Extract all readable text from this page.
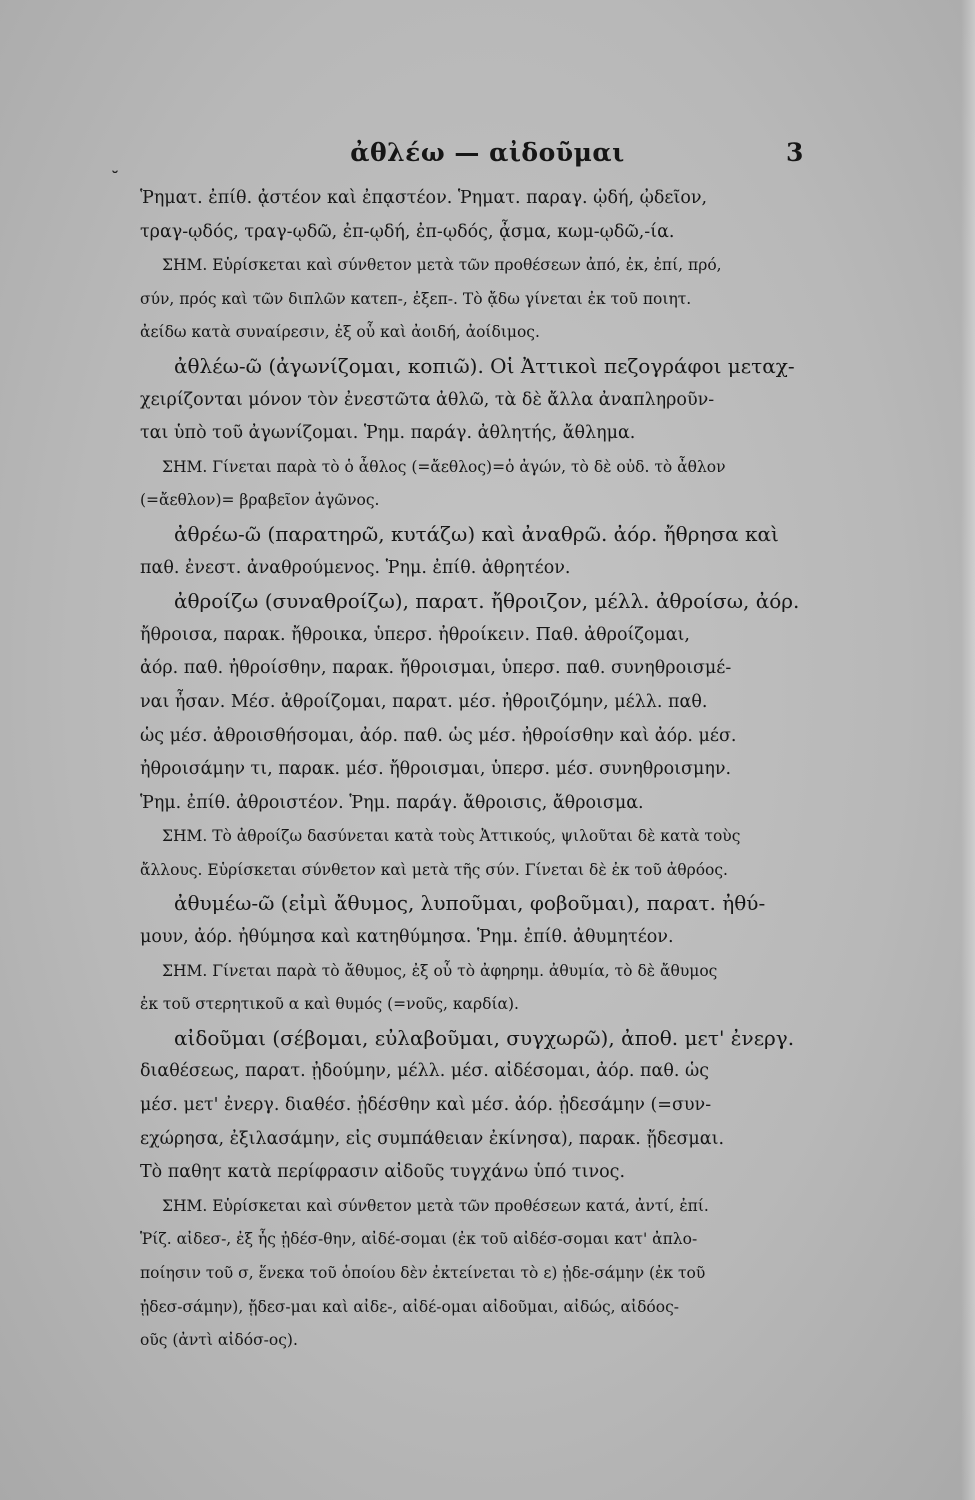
ἀθλέω — αἰδοῦμαι	3
˘
Ῥηματ. ἐπίθ. ᾀστέον καὶ ἐπᾳστέον. Ῥηματ. παραγ. ᾠδή, ᾠδεῖον,
τραγ-ῳδός, τραγ-ῳδῶ, ἐπ-ῳδή, ἐπ-ῳδός, ᾆσμα, κωμ-ῳδῶ,-ία.
ΣΗΜ. Εὑρίσκεται καὶ σύνθετον μετὰ τῶν προθέσεων ἀπό, ἐκ, ἐπί, πρό,
σύν, πρός καὶ τῶν διπλῶν κατεπ-, ἐξεπ-. Τὸ ᾄδω γίνεται ἐκ τοῦ ποιητ.
ἀείδω κατὰ συναίρεσιν, ἐξ οὗ καὶ ἀοιδή, ἀοίδιμος.
ἀθλέω-ῶ (ἀγωνίζομαι, κοπιῶ). Οἱ Ἀττικοὶ πεζογράφοι μεταχ-
χειρίζονται μόνον τὸν ἐνεστῶτα ἀθλῶ, τὰ δὲ ἄλλα ἀναπληροῦν-
ται ὑπὸ τοῦ ἀγωνίζομαι. Ῥημ. παράγ. ἀθλητής, ἄθλημα.
ΣΗΜ. Γίνεται παρὰ τὸ ὁ ἆθλος (=ἄεθλος)=ὁ ἀγών, τὸ δὲ οὐδ. τὸ ἆθλον
(=ἄεθλον)= βραβεῖον ἀγῶνος.
ἀθρέω-ῶ (παρατηρῶ, κυτάζω) καὶ ἀναθρῶ. ἀόρ. ἤθρησα καὶ
παθ. ἐνεστ. ἀναθρούμενος. Ῥημ. ἐπίθ. ἀθρητέον.
ἀθροίζω (συναθροίζω), παρατ. ἤθροιζον, μέλλ. ἀθροίσω, ἀόρ.
ἤθροισα, παρακ. ἤθροικα, ὑπερσ. ἠθροίκειν. Παθ. ἀθροίζομαι,
ἀόρ. παθ. ἠθροίσθην, παρακ. ἤθροισμαι, ὑπερσ. παθ. συνηθροισμέ-
ναι ἦσαν. Μέσ. ἀθροίζομαι, παρατ. μέσ. ἠθροιζόμην, μέλλ. παθ.
ὡς μέσ. ἀθροισθήσομαι, ἀόρ. παθ. ὡς μέσ. ἠθροίσθην καὶ ἀόρ. μέσ.
ἠθροισάμην τι, παρακ. μέσ. ἤθροισμαι, ὑπερσ. μέσ. συνηθροισμην.
Ῥημ. ἐπίθ. ἀθροιστέον. Ῥημ. παράγ. ἄθροισις, ἄθροισμα.
ΣΗΜ. Τὸ ἀθροίζω δασύνεται κατὰ τοὺς Ἀττικούς, ψιλοῦται δὲ κατὰ τοὺς
ἄλλους. Εὑρίσκεται σύνθετον καὶ μετὰ τῆς σύν. Γίνεται δὲ ἐκ τοῦ ἀθρόος.
ἀθυμέω-ῶ (εἰμὶ ἄθυμος, λυποῦμαι, φοβοῦμαι), παρατ. ἠθύ-
μουν, ἀόρ. ἠθύμησα καὶ κατηθύμησα. Ῥημ. ἐπίθ. ἀθυμητέον.
ΣΗΜ. Γίνεται παρὰ τὸ ἄθυμος, ἐξ οὗ τὸ ἀφηρημ. ἀθυμία, τὸ δὲ ἄθυμος
ἐκ τοῦ στερητικοῦ α καὶ θυμός (=νοῦς, καρδία).
αἰδοῦμαι (σέβομαι, εὐλαβοῦμαι, συγχωρῶ), ἀποθ. μετ' ἐνεργ.
διαθέσεως, παρατ. ᾐδούμην, μέλλ. μέσ. αἰδέσομαι, ἀόρ. παθ. ὡς
μέσ. μετ' ἐνεργ. διαθέσ. ᾐδέσθην καὶ μέσ. ἀόρ. ᾐδεσάμην (=συν-
εχώρησα, ἐξιλασάμην, εἰς συμπάθειαν ἐκίνησα), παρακ. ᾔδεσμαι.
Τὸ παθητ κατὰ περίφρασιν αἰδοῦς τυγχάνω ὑπό τινος.
ΣΗΜ. Εὑρίσκεται καὶ σύνθετον μετὰ τῶν προθέσεων κατά, ἀντί, ἐπί.
Ῥίζ. αἰδεσ-, ἐξ ἧς ᾐδέσ-θην, αἰδέ-σομαι (ἐκ τοῦ αἰδέσ-σομαι κατ' ἀπλο-
ποίησιν τοῦ σ, ἕνεκα τοῦ ὁποίου δὲν ἐκτείνεται τὸ ε) ᾐδε-σάμην (ἐκ τοῦ
ᾐδεσ-σάμην), ᾔδεσ-μαι καὶ αἰδε-, αἰδέ-ομαι αἰδοῦμαι, αἰδώς, αἰδόος-
οῦς (ἀντὶ αἰδόσ-ος).
